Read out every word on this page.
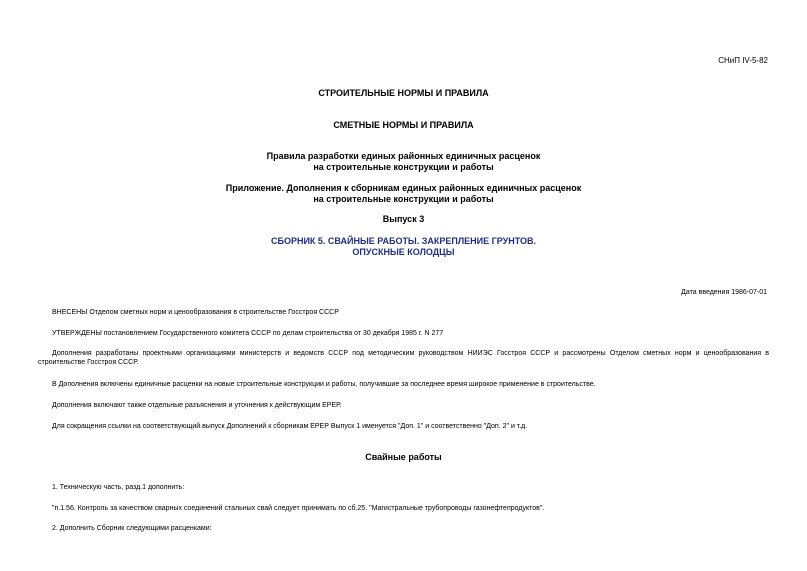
СНиП IV-5-82
СТРОИТЕЛЬНЫЕ НОРМЫ И ПРАВИЛА
СМЕТНЫЕ НОРМЫ И ПРАВИЛА
Правила разработки единых районных единичных расценок
на строительные конструкции и работы
Приложение. Дополнения к сборникам единых районных единичных расценок
на строительные конструкции и работы
Выпуск 3
СБОРНИК 5. СВАЙНЫЕ РАБОТЫ. ЗАКРЕПЛЕНИЕ ГРУНТОВ.
ОПУСКНЫЕ КОЛОДЦЫ
Дата введения 1986-07-01
ВНЕСЕНЫ Отделом сметных норм и ценообразования в строительстве Госстроя СССР
УТВЕРЖДЕНЫ постановлением Государственного комитета СССР по делам строительства от 30 декабря 1985 г. N 277
Дополнения разработаны проектными организациями министерств и ведомств СССР под методическим руководством НИИЭС Госстроя СССР и рассмотрены Отделом сметных норм и ценообразования в строительстве Госстроя СССР.
В Дополнения включены единичные расценки на новые строительные конструкции и работы, получившие за последнее время широкое применение в строительстве.
Дополнения включают также отдельные разъяснения и уточнения к действующим ЕРЕР.
Для сокращения ссылки на соответствующий выпуск Дополнений к сборникам ЕРЕР Выпуск 1 именуется "Доп. 1" и соответственно "Доп. 2" и т.д.
Свайные работы
1. Техническую часть, разд.1 дополнить:
"п.1.56. Контроль за качеством сварных соединений стальных свай следует принимать по сб.25. "Магистральные трубопроводы газонефтепродуктов".
2. Дополнить Сборник следующими расценками:
